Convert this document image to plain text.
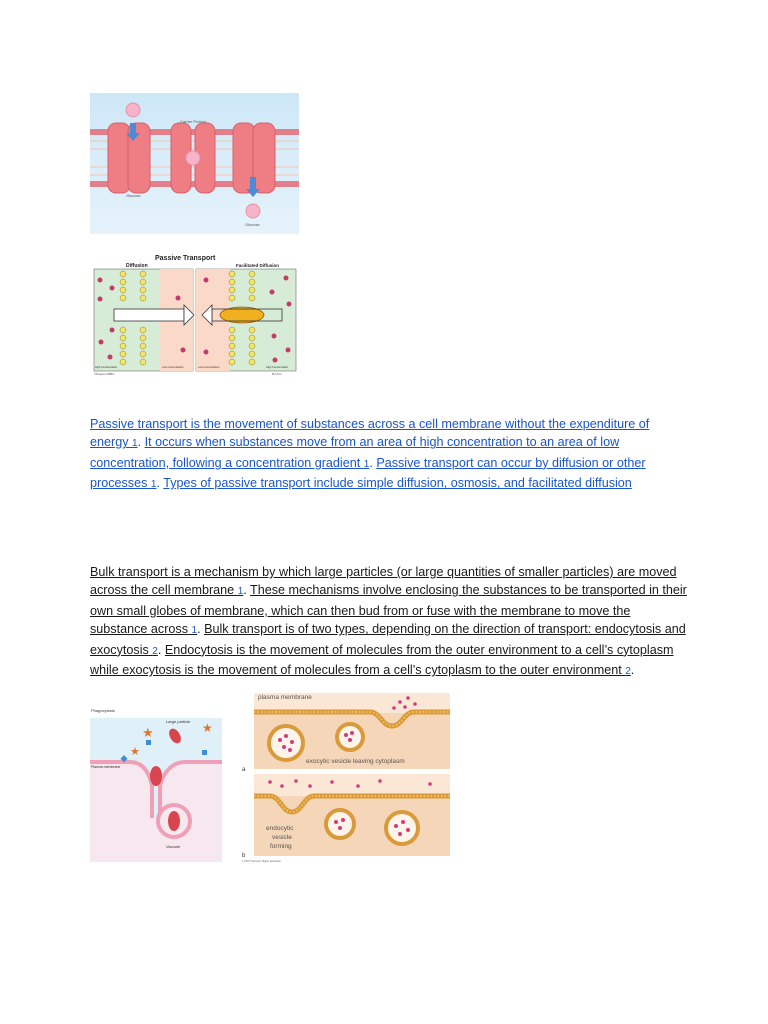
Carrier Protein
Glucose
Glucose
Passive Transport
Diffusion	Facilitated Diffusion
High Concentration	Low Concentration	Low Concentration	High Concentration
©Pearson/BBC	BYJU's

Passive transport is the movement of substances across a cell membrane without the expenditure of energy 1. It occurs when substances move from an area of high concentration to an area of low concentration, following a concentration gradient 1. Passive transport can occur by diffusion or other processes 1. Types of passive transport include simple diffusion, osmosis, and facilitated diffusion

Bulk transport is a mechanism by which large particles (or large quantities of smaller particles) are moved across the cell membrane 1. These mechanisms involve enclosing the substances to be transported in their own small globes of membrane, which can then bud from or fuse with the membrane to move the substance across 1. Bulk transport is of two types, depending on the direction of transport: endocytosis and exocytosis 2. Endocytosis is the movement of molecules from the outer environment to a cell’s cytoplasm while exocytosis is the movement of molecules from a cell’s cytoplasm to the outer environment 2.

★
★
★
Phagocytosis
Large particle
Plasma membrane
Vacuole
plasma membrane
exocytic vesicle leaving cytoplasm
a
endocytic
vesicle
forming
b
© 2007 Thomson Higher Education
